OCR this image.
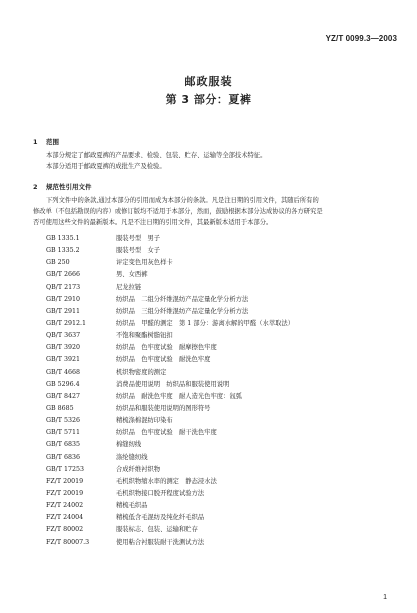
YZ/T 0099.3—2003
邮政服装
第 3 部分：夏裤
1 范围
本部分规定了邮政夏裤的产品要求、检验、包装、贮存、运输等全部技术特征。
本部分适用于邮政夏裤的成批生产及检验。
2 规范性引用文件
下列文件中的条款,通过本部分的引用而成为本部分的条款。凡是注日期的引用文件，其随后所有的
修改单（不包括勘误的内容）或修订版均不适用于本部分，然而，鼓励根据本部分达成协议的各方研究是
否可使用这些文件的最新版本。凡是不注日期的引用文件，其最新版本适用于本部分。
GB 1335.1	服装号型　男子
GB 1335.2	服装号型　女子
GB 250	评定变色用灰色样卡
GB/T 2666	男、女西裤
QB/T 2173	尼龙拉链
GB/T 2910	纺织品　二组分纤维混纺产品定量化学分析方法
GB/T 2911	纺织品　三组分纤维混纺产品定量化学分析方法
GB/T 2912.1	纺织品　甲醛的测定　第 1 部分：游离水解的甲醛（水萃取法）
QB/T 3637	不饱和聚酯树脂钮扣
GB/T 3920	纺织品　色牢度试验　耐摩擦色牢度
GB/T 3921	纺织品　色牢度试验　耐洗色牢度
GB/T 4668	机织物密度的测定
GB 5296.4	消费品使用说明　纺织品和服装使用说明
GB/T 8427	纺织品　耐洗色牢度　耐人造光色牢度：氙弧
GB 8685	纺织品和服装使用说明的图形符号
GB/T 5326	精梳涤棉混纺印染布
GB/T 5711	纺织品　色牢度试验　耐干洗色牢度
GB/T 6835	棉缝纫线
GB/T 6836	涤纶缝纫线
GB/T 17253	合成纤维衬织物
FZ/T 20019	毛机织物缩水率的测定　静态浸水法
FZ/T 20019	毛机织物接口脱开程度试验方法
FZ/T 24002	精梳毛织品
FZ/T 24004	精梳低含毛混纺及纯化纤毛织品
FZ/T 80002	服装标志、包装、运输和贮存
FZ/T 80007.3	使用粘合衬服装耐干洗测试方法
1
